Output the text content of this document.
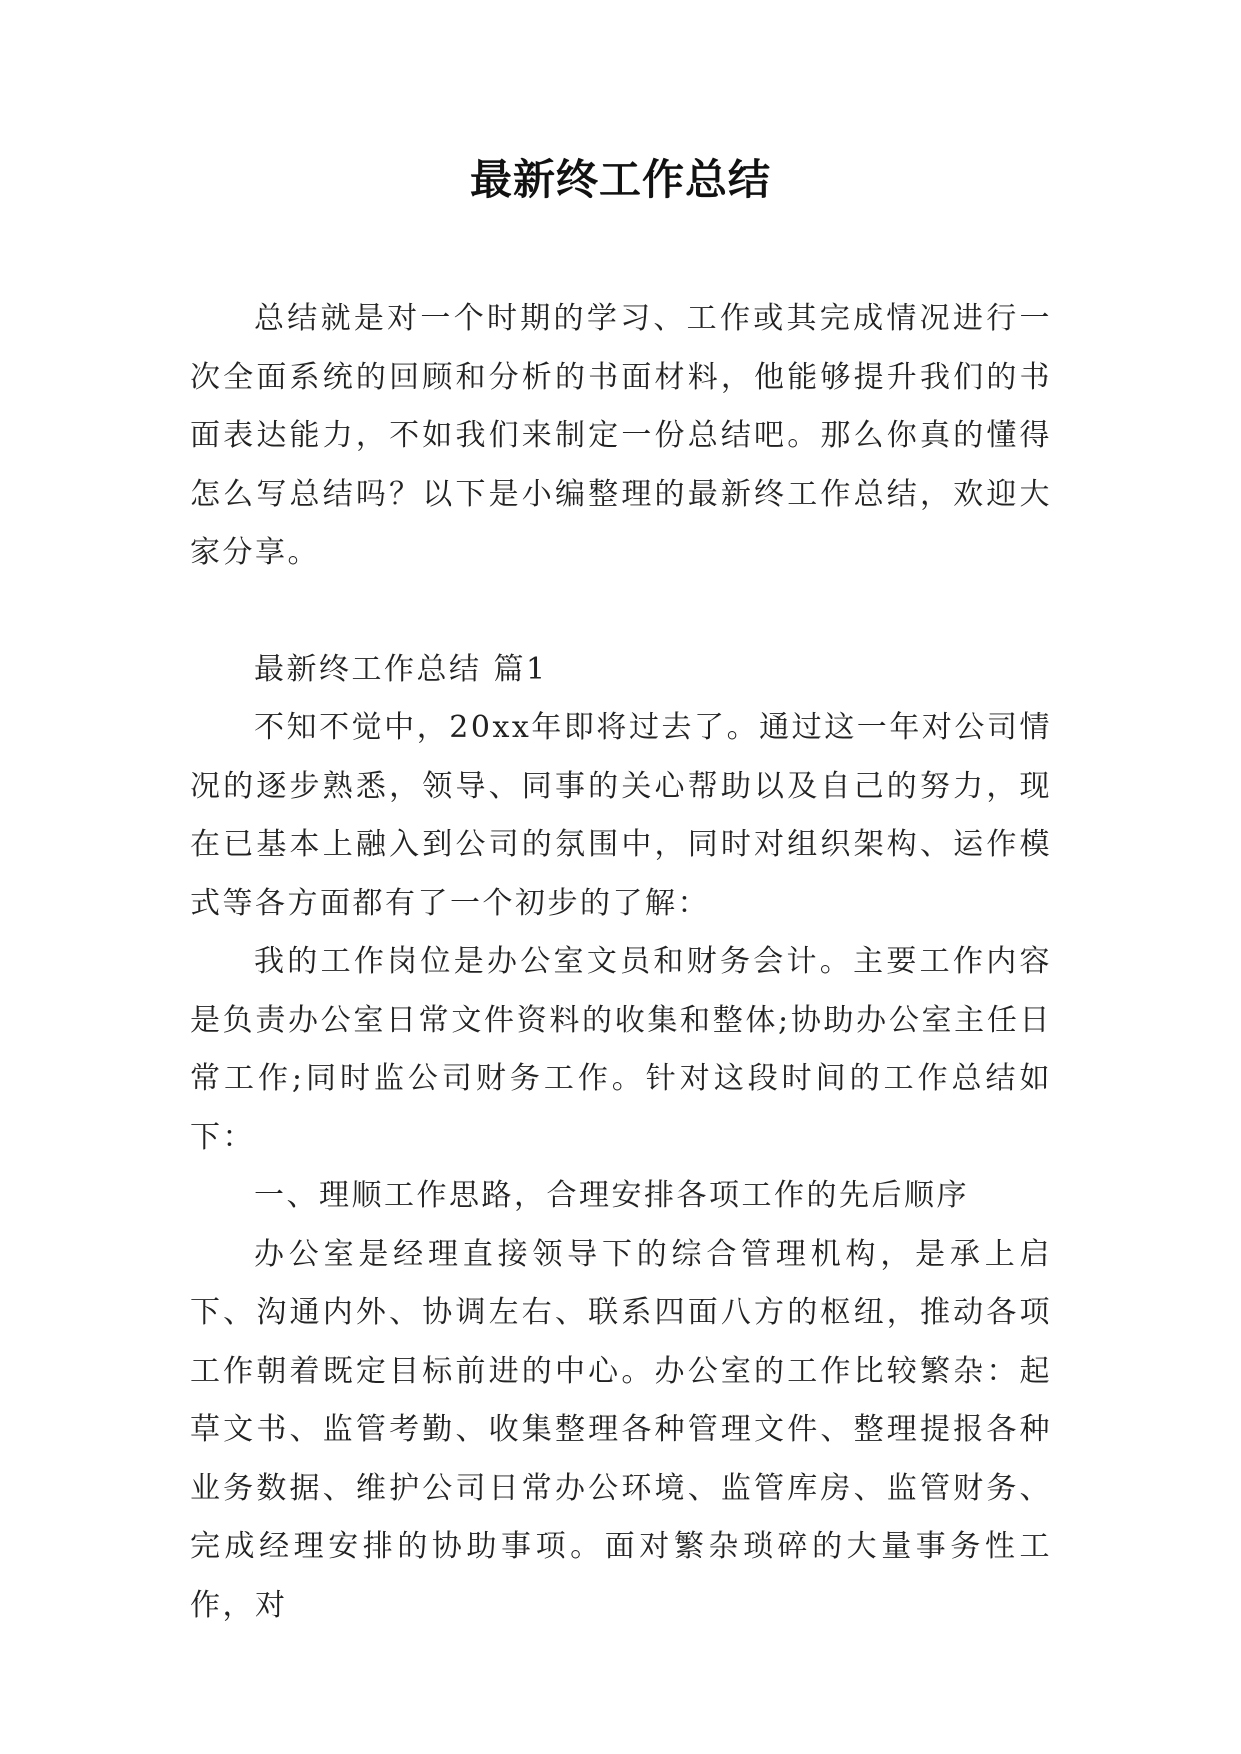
最新终工作总结

总结就是对一个时期的学习、工作或其完成情况进行一次全面系统的回顾和分析的书面材料，他能够提升我们的书面表达能力，不如我们来制定一份总结吧。那么你真的懂得怎么写总结吗？以下是小编整理的最新终工作总结，欢迎大家分享。

最新终工作总结 篇1

不知不觉中，20xx年即将过去了。通过这一年对公司情况的逐步熟悉，领导、同事的关心帮助以及自己的努力，现在已基本上融入到公司的氛围中，同时对组织架构、运作模式等各方面都有了一个初步的了解：

我的工作岗位是办公室文员和财务会计。主要工作内容是负责办公室日常文件资料的收集和整体;协助办公室主任日常工作;同时监公司财务工作。针对这段时间的工作总结如下：

一、理顺工作思路，合理安排各项工作的先后顺序

办公室是经理直接领导下的综合管理机构，是承上启下、沟通内外、协调左右、联系四面八方的枢纽，推动各项工作朝着既定目标前进的中心。办公室的工作比较繁杂：起草文书、监管考勤、收集整理各种管理文件、整理提报各种业务数据、维护公司日常办公环境、监管库房、监管财务、完成经理安排的协助事项。面对繁杂琐碎的大量事务性工作，对
